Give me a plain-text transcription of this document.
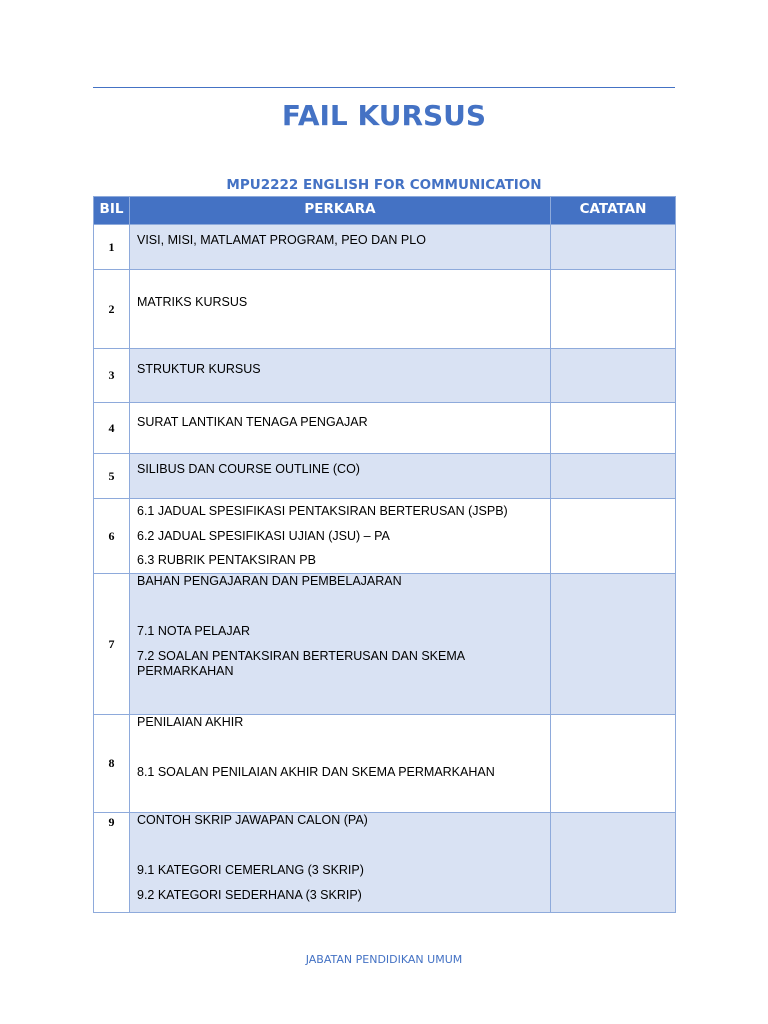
FAIL KURSUS
MPU2222 ENGLISH FOR COMMUNICATION
BIL	PERKARA	CATATAN
1	VISI, MISI, MATLAMAT PROGRAM, PEO DAN PLO	

2	MATRIKS KURSUS	

3	STRUKTUR KURSUS	

4	SURAT LANTIKAN TENAGA PENGAJAR	

5	SILIBUS DAN COURSE OUTLINE (CO)	

6	6.1 JADUAL SPESIFIKASI PENTAKSIRAN BERTERUSAN (JSPB)
6.2 JADUAL SPESIFIKASI UJIAN (JSU) – PA
6.3 RUBRIK PENTAKSIRAN PB	

7	BAHAN PENGAJARAN DAN PEMBELAJARAN
7.1 NOTA PELAJAR
7.2 SOALAN PENTAKSIRAN BERTERUSAN DAN SKEMA PERMARKAHAN	

8	PENILAIAN AKHIR
8.1 SOALAN PENILAIAN AKHIR DAN SKEMA PERMARKAHAN	

9	CONTOH SKRIP JAWAPAN CALON (PA)
9.1 KATEGORI CEMERLANG (3 SKRIP)
9.2 KATEGORI SEDERHANA (3 SKRIP)	

JABATAN PENDIDIKAN UMUM
